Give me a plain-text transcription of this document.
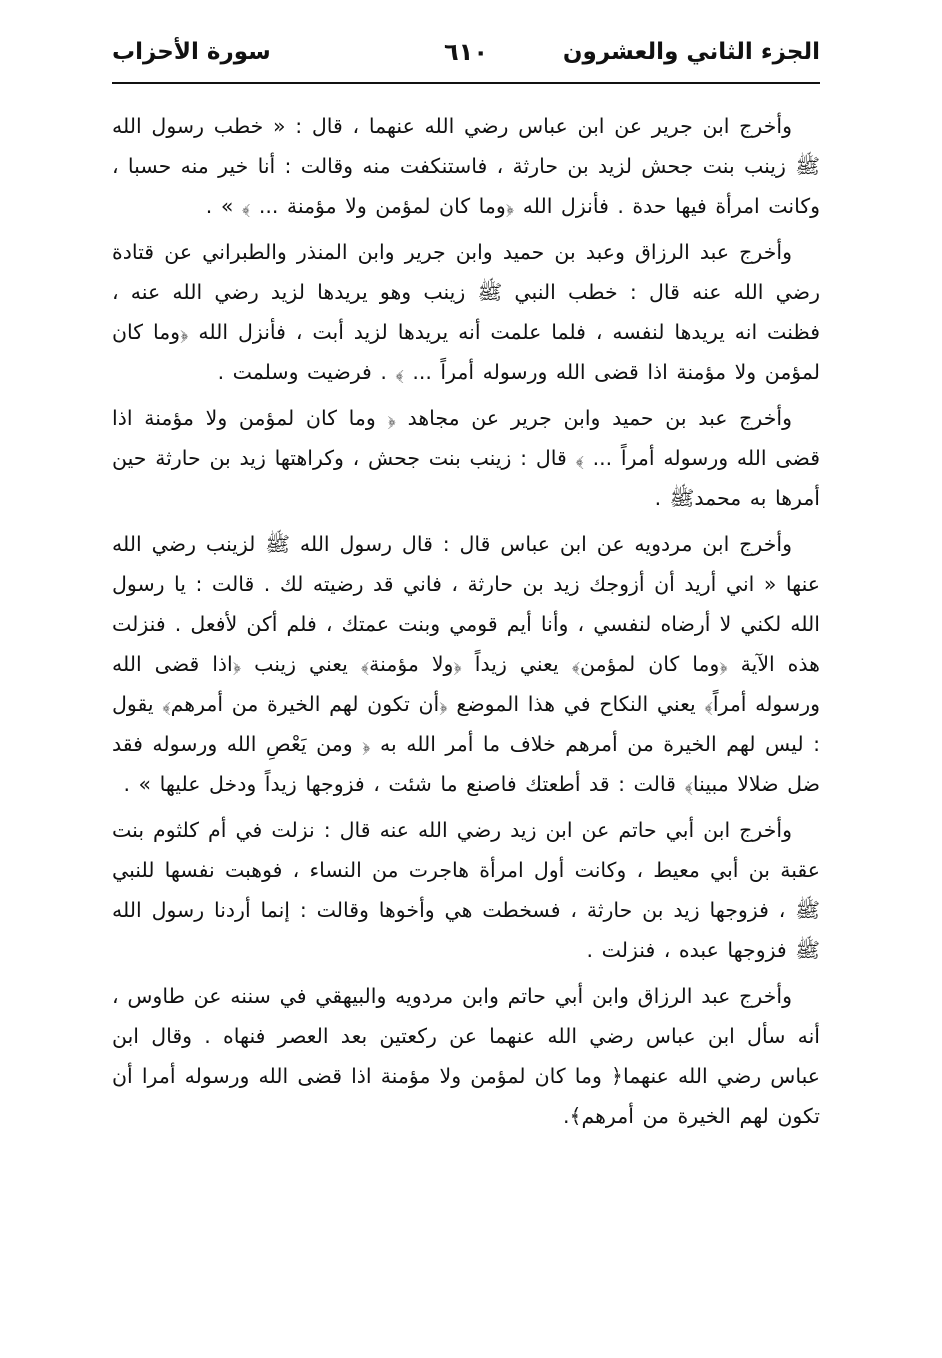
الجزء الثاني والعشرون
٦١٠
سورة الأحزاب

وأخرج ابن جرير عن ابن عباس رضي الله عنهما ، قال : « خطب رسول الله ﷺ زينب بنت جحش لزيد بن حارثة ، فاستنكفت منه وقالت : أنا خير منه حسبا ، وكانت امرأة فيها حدة . فأنزل الله ﴿وما كان لمؤمن ولا مؤمنة ... ﴾ » .

وأخرج عبد الرزاق وعبد بن حميد وابن جرير وابن المنذر والطبراني عن قتادة رضي الله عنه قال : خطب النبي ﷺ زينب وهو يريدها لزيد رضي الله عنه ، فظنت انه يريدها لنفسه ، فلما علمت أنه يريدها لزيد أبت ، فأنزل الله ﴿وما كان لمؤمن ولا مؤمنة اذا قضى الله ورسوله أمراً ... ﴾ . فرضيت وسلمت .

وأخرج عبد بن حميد وابن جرير عن مجاهد ﴿ وما كان لمؤمن ولا مؤمنة اذا قضى الله ورسوله أمراً ... ﴾ قال : زينب بنت جحش ، وكراهتها زيد بن حارثة حين أمرها به محمدﷺ .

وأخرج ابن مردويه عن ابن عباس قال : قال رسول الله ﷺ لزينب رضي الله عنها « اني أريد أن أزوجك زيد بن حارثة ، فاني قد رضيته لك . قالت : يا رسول الله لكني لا أرضاه لنفسي ، وأنا أيم قومي وبنت عمتك ، فلم أكن لأفعل . فنزلت هذه الآية ﴿وما كان لمؤمن﴾ يعني زيداً ﴿ولا مؤمنة﴾ يعني زينب ﴿اذا قضى الله ورسوله أمراً﴾ يعني النكاح في هذا الموضع ﴿أن تكون لهم الخيرة من أمرهم﴾ يقول : ليس لهم الخيرة من أمرهم خلاف ما أمر الله به ﴿ ومن يَعْصِ الله ورسوله فقد ضل ضلالا مبينا﴾ قالت : قد أطعتك فاصنع ما شئت ، فزوجها زيداً ودخل عليها » .

وأخرج ابن أبي حاتم عن ابن زيد رضي الله عنه قال : نزلت في أم كلثوم بنت عقبة بن أبي معيط ، وكانت أول امرأة هاجرت من النساء ، فوهبت نفسها للنبي ﷺ ، فزوجها زيد بن حارثة ، فسخطت هي وأخوها وقالت : إنما أردنا رسول الله ﷺ فزوجها عبده ، فنزلت .

وأخرج عبد الرزاق وابن أبي حاتم وابن مردويه والبيهقي في سننه عن طاوس ، أنه سأل ابن عباس رضي الله عنهما عن ركعتين بعد العصر فنهاه . وقال ابن عباس رضي الله عنهما﴿ وما كان لمؤمن ولا مؤمنة اذا قضى الله ورسوله أمرا أن تكون لهم الخيرة من أمرهم﴾.
